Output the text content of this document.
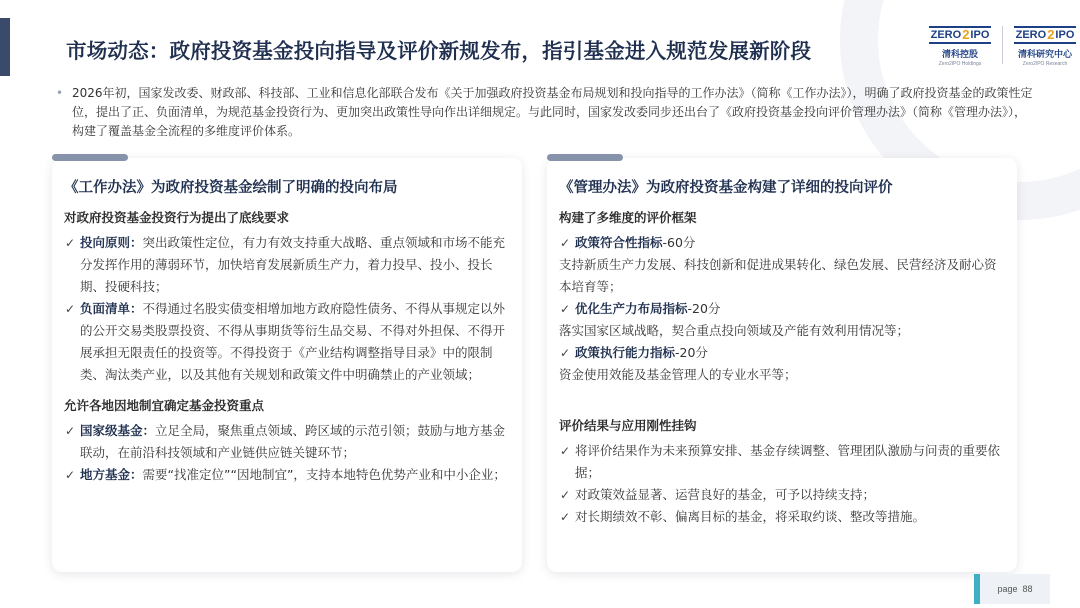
市场动态：政府投资基金投向指导及评价新规发布，指引基金进入规范发展新阶段
ZERO 2 IPO
清科控股
Zero2IPO Holdings
ZERO 2 IPO
清科研究中心
Zero2IPO Research
• 2026年初，国家发改委、财政部、科技部、工业和信息化部联合发布《关于加强政府投资基金布局规划和投向指导的工作办法》（简称《工作办法》），明确了政府投资基金的政策性定位，提出了正、负面清单，为规范基金投资行为、更加突出政策性导向作出详细规定。与此同时，国家发改委同步还出台了《政府投资基金投向评价管理办法》（简称《管理办法》），构建了覆盖基金全流程的多维度评价体系。

《工作办法》为政府投资基金绘制了明确的投向布局
对政府投资基金投资行为提出了底线要求
✓ 投向原则：突出政策性定位，有力有效支持重大战略、重点领域和市场不能充分发挥作用的薄弱环节，加快培育发展新质生产力，着力投早、投小、投长期、投硬科技；
✓ 负面清单：不得通过名股实债变相增加地方政府隐性债务、不得从事规定以外的公开交易类股票投资、不得从事期货等衍生品交易、不得对外担保、不得开展承担无限责任的投资等。不得投资于《产业结构调整指导目录》中的限制类、淘汰类产业，以及其他有关规划和政策文件中明确禁止的产业领域；
允许各地因地制宜确定基金投资重点
✓ 国家级基金：立足全局，聚焦重点领域、跨区域的示范引领；鼓励与地方基金联动，在前沿科技领域和产业链供应链关键环节；
✓ 地方基金：需要“找准定位”“因地制宜”，支持本地特色优势产业和中小企业；
《管理办法》为政府投资基金构建了详细的投向评价
构建了多维度的评价框架
✓ 政策符合性指标-60分
支持新质生产力发展、科技创新和促进成果转化、绿色发展、民营经济及耐心资本培育等；
✓ 优化生产力布局指标-20分
落实国家区域战略，契合重点投向领域及产能有效利用情况等；
✓ 政策执行能力指标-20分
资金使用效能及基金管理人的专业水平等；
评价结果与应用刚性挂钩
✓ 将评价结果作为未来预算安排、基金存续调整、管理团队激励与问责的重要依据；
✓ 对政策效益显著、运营良好的基金，可予以持续支持；
✓ 对长期绩效不彰、偏离目标的基金，将采取约谈、整改等措施。
page
88
